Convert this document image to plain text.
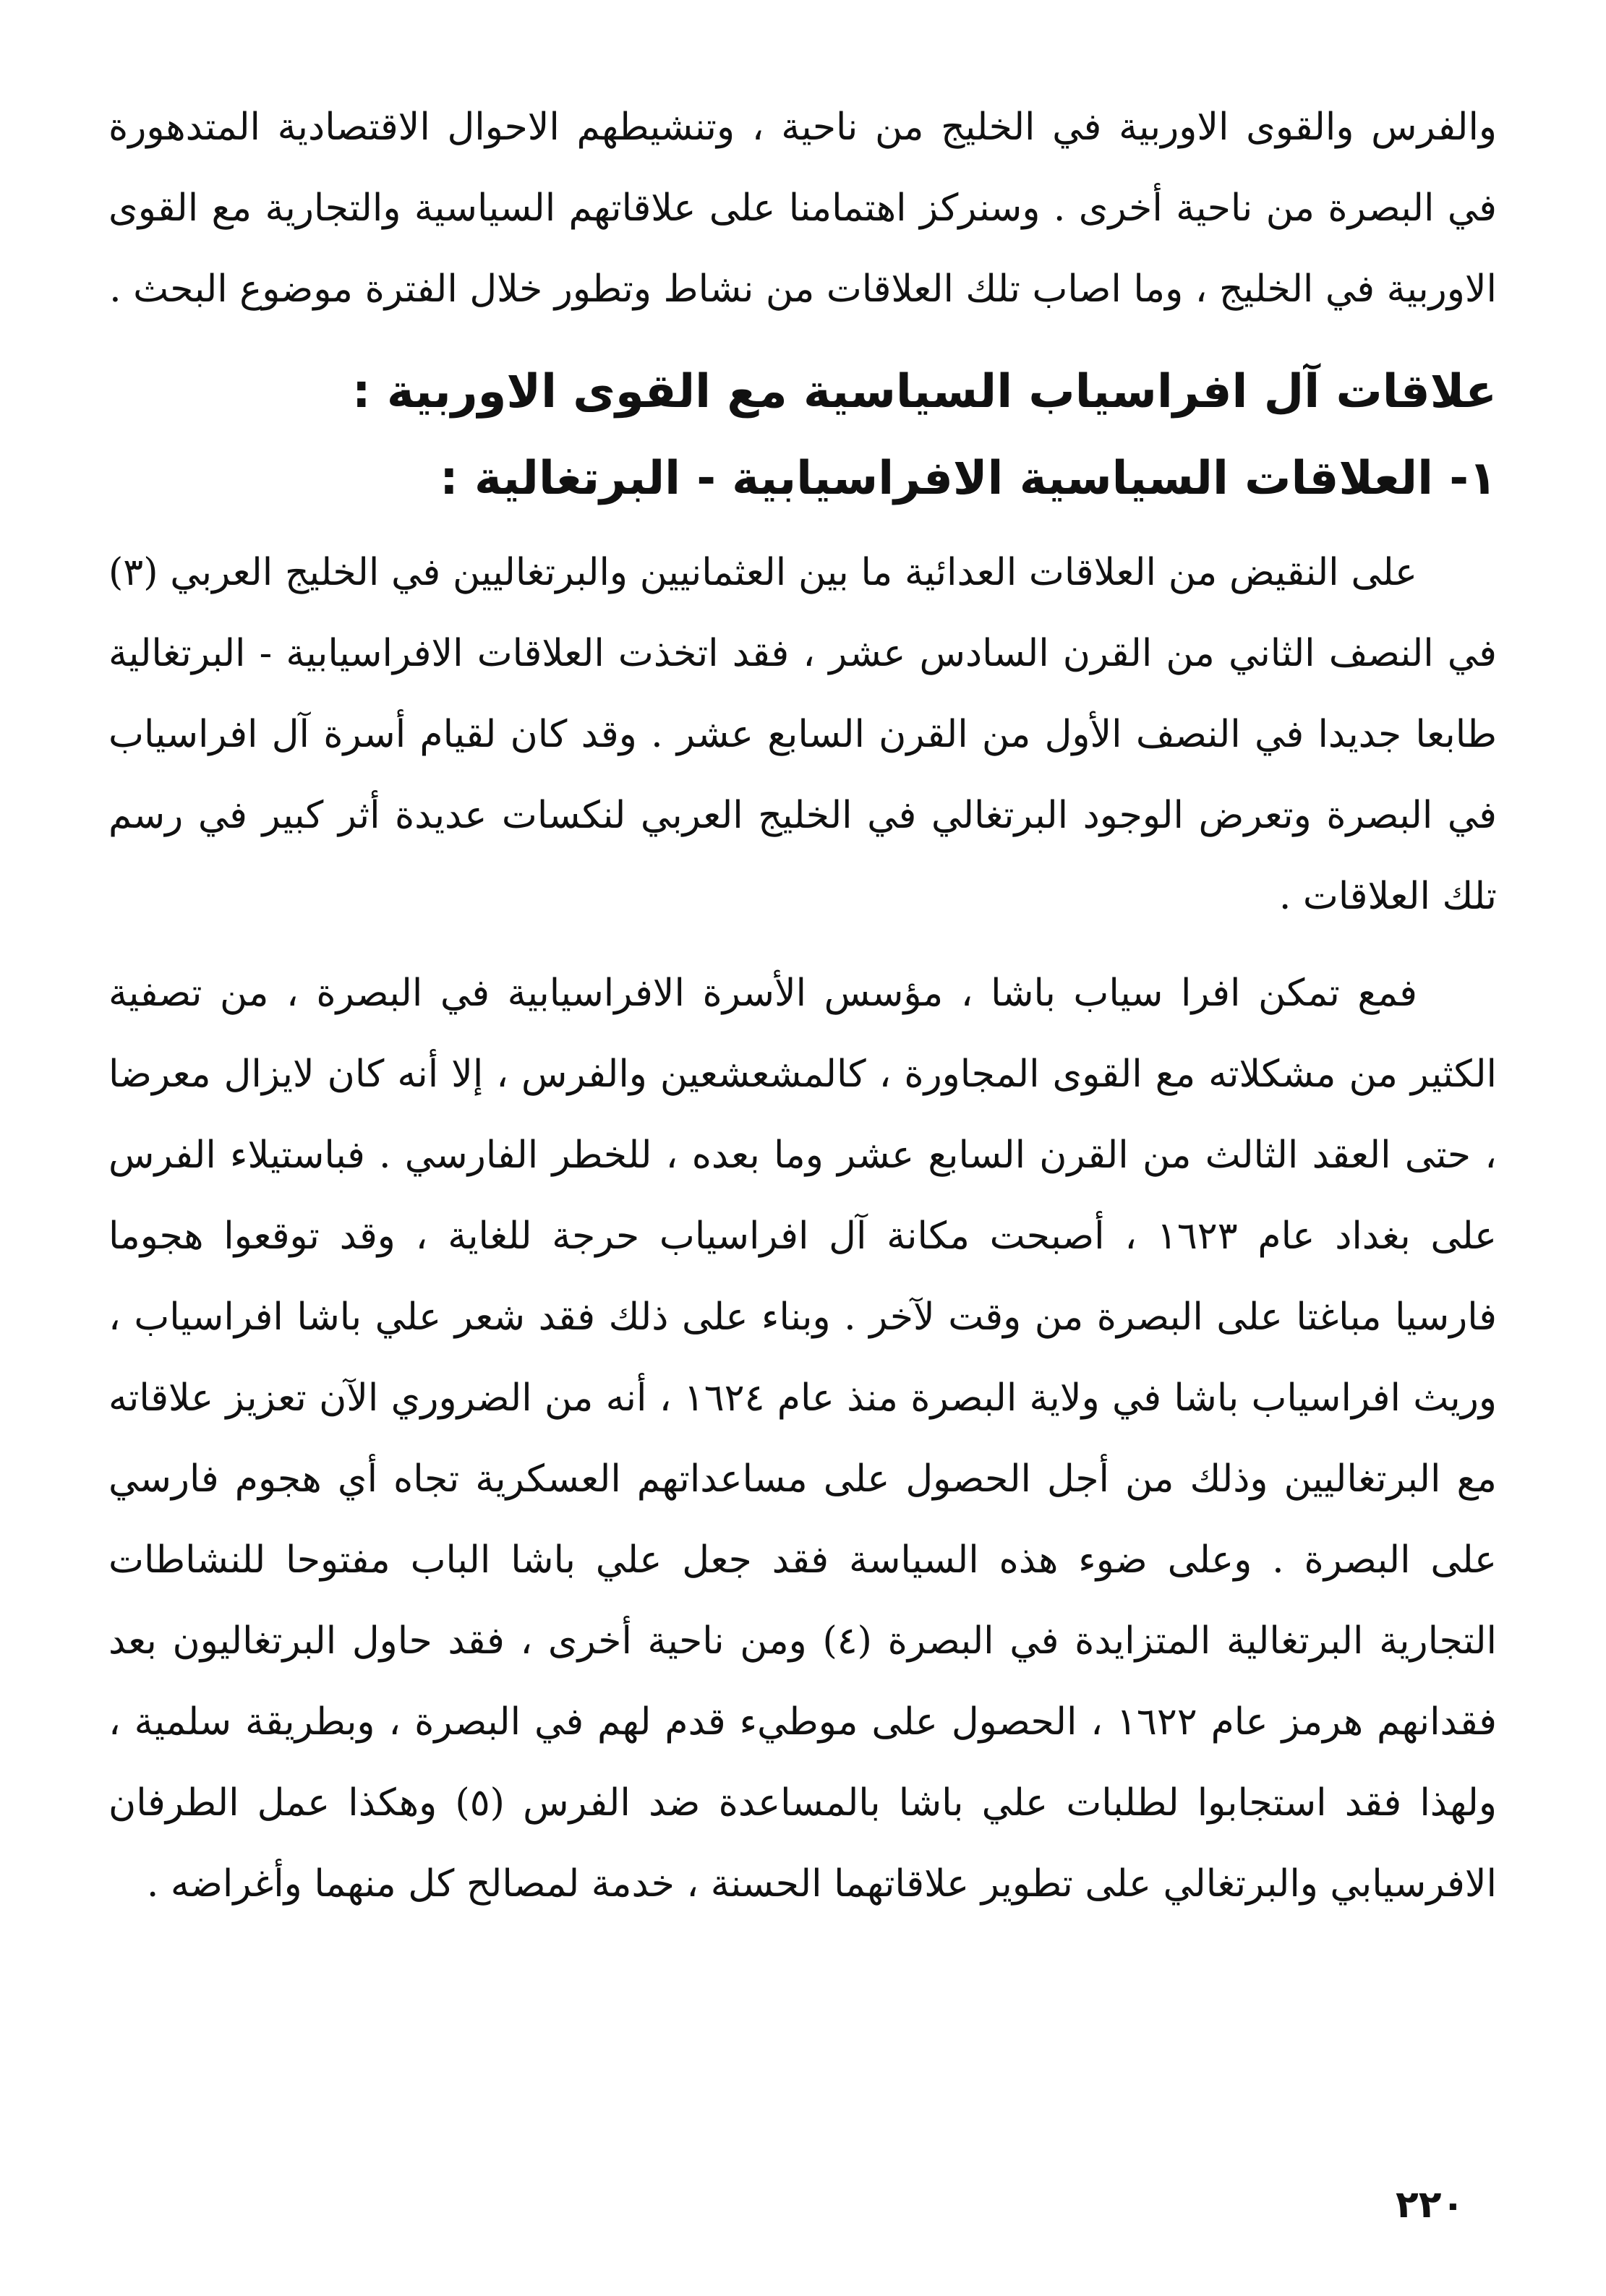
والفرس والقوى الاوربية في الخليج من ناحية ، وتنشيطهم الاحوال الاقتصادية المتدهورة في البصرة من ناحية أخرى . وسنركز اهتمامنا على علاقاتهم السياسية والتجارية مع القوى الاوربية في الخليج ، وما اصاب تلك العلاقات من نشاط وتطور خلال الفترة موضوع البحث .

علاقات آل افراسياب السياسية مع القوى الاوربية :
١- العلاقات السياسية الافراسيابية - البرتغالية :

على النقيض من العلاقات العدائية ما بين العثمانيين والبرتغاليين في الخليج العربي (٣) في النصف الثاني من القرن السادس عشر ، فقد اتخذت العلاقات الافراسيابية - البرتغالية طابعا جديدا في النصف الأول من القرن السابع عشر . وقد كان لقيام أسرة آل افراسياب في البصرة وتعرض الوجود البرتغالي في الخليج العربي لنكسات عديدة أثر كبير في رسم تلك العلاقات .

فمع تمكن افرا سياب باشا ، مؤسس الأسرة الافراسيابية في البصرة ، من تصفية الكثير من مشكلاته مع القوى المجاورة ، كالمشعشعين والفرس ، إلا أنه كان لايزال معرضا ، حتى العقد الثالث من القرن السابع عشر وما بعده ، للخطر الفارسي . فباستيلاء الفرس على بغداد عام ١٦٢٣ ، أصبحت مكانة آل افراسياب حرجة للغاية ، وقد توقعوا هجوما فارسيا مباغتا على البصرة من وقت لآخر . وبناء على ذلك فقد شعر علي باشا افراسياب ، وريث افراسياب باشا في ولاية البصرة منذ عام ١٦٢٤ ، أنه من الضروري الآن تعزيز علاقاته مع البرتغاليين وذلك من أجل الحصول على مساعداتهم العسكرية تجاه أي هجوم فارسي على البصرة . وعلى ضوء هذه السياسة فقد جعل علي باشا الباب مفتوحا للنشاطات التجارية البرتغالية المتزايدة في البصرة (٤) ومن ناحية أخرى ، فقد حاول البرتغاليون بعد فقدانهم هرمز عام ١٦٢٢ ، الحصول على موطيء قدم لهم في البصرة ، وبطريقة سلمية ، ولهذا فقد استجابوا لطلبات علي باشا بالمساعدة ضد الفرس (٥) وهكذا عمل الطرفان الافرسيابي والبرتغالي على تطوير علاقاتهما الحسنة ، خدمة لمصالح كل منهما وأغراضه .

٢٢٠
